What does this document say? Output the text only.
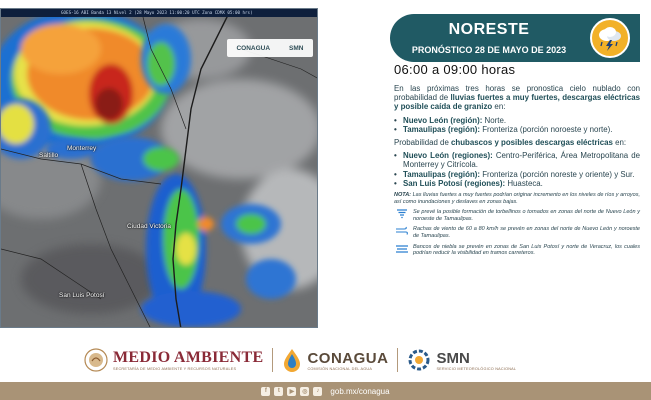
GOES-16 ABI Banda 13 Nivel 2 (28 Mayo 2023 11:00:20 UTC Zona CDMX 05:00 hrs)
CONAGUA	SMN
Saltillo
Monterrey
Ciudad Victoria
San Luis Potosí
NORESTE
PRONÓSTICO 28 DE MAYO DE 2023
06:00 a 09:00 horas

En las próximas tres horas se pronostica cielo nublado con probabilidad de lluvias fuertes a muy fuertes, descargas eléctricas y posible caída de granizo en:

• Nuevo León (región): Norte.
• Tamaulipas (región): Fronteriza (porción noroeste y norte).

Probabilidad de chubascos y posibles descargas eléctricas en:

• Nuevo León (regiones): Centro-Periférica, Área Metropolitana de Monterrey y Citrícola.
• Tamaulipas (región): Fronteriza (porción noreste y oriente) y Sur.
• San Luis Potosí (regiones): Huasteca.
NOTA: Las lluvias fuertes a muy fuertes podrían originar incremento en los niveles de ríos y arroyos, así como inundaciones y deslaves en zonas bajas.
Se prevé la posible formación de torbellinos o tornados en zonas del norte de Nuevo León y noroeste de Tamaulipas.
Rachas de viento de 60 a 80 km/h se prevén en zonas del norte de Nuevo León y noroeste de Tamaulipas.
Bancos de niebla se prevén en zonas de San Luis Potosí y norte de Veracruz, los cuales podrían reducir la visibilidad en tramos carreteros.
MEDIO AMBIENTE
SECRETARÍA DE MEDIO AMBIENTE Y RECURSOS NATURALES
CONAGUA
COMISIÓN NACIONAL DEL AGUA
SMN
SERVICIO METEOROLÓGICO NACIONAL
f	t	▶	◎	♪	gob.mx/conagua
